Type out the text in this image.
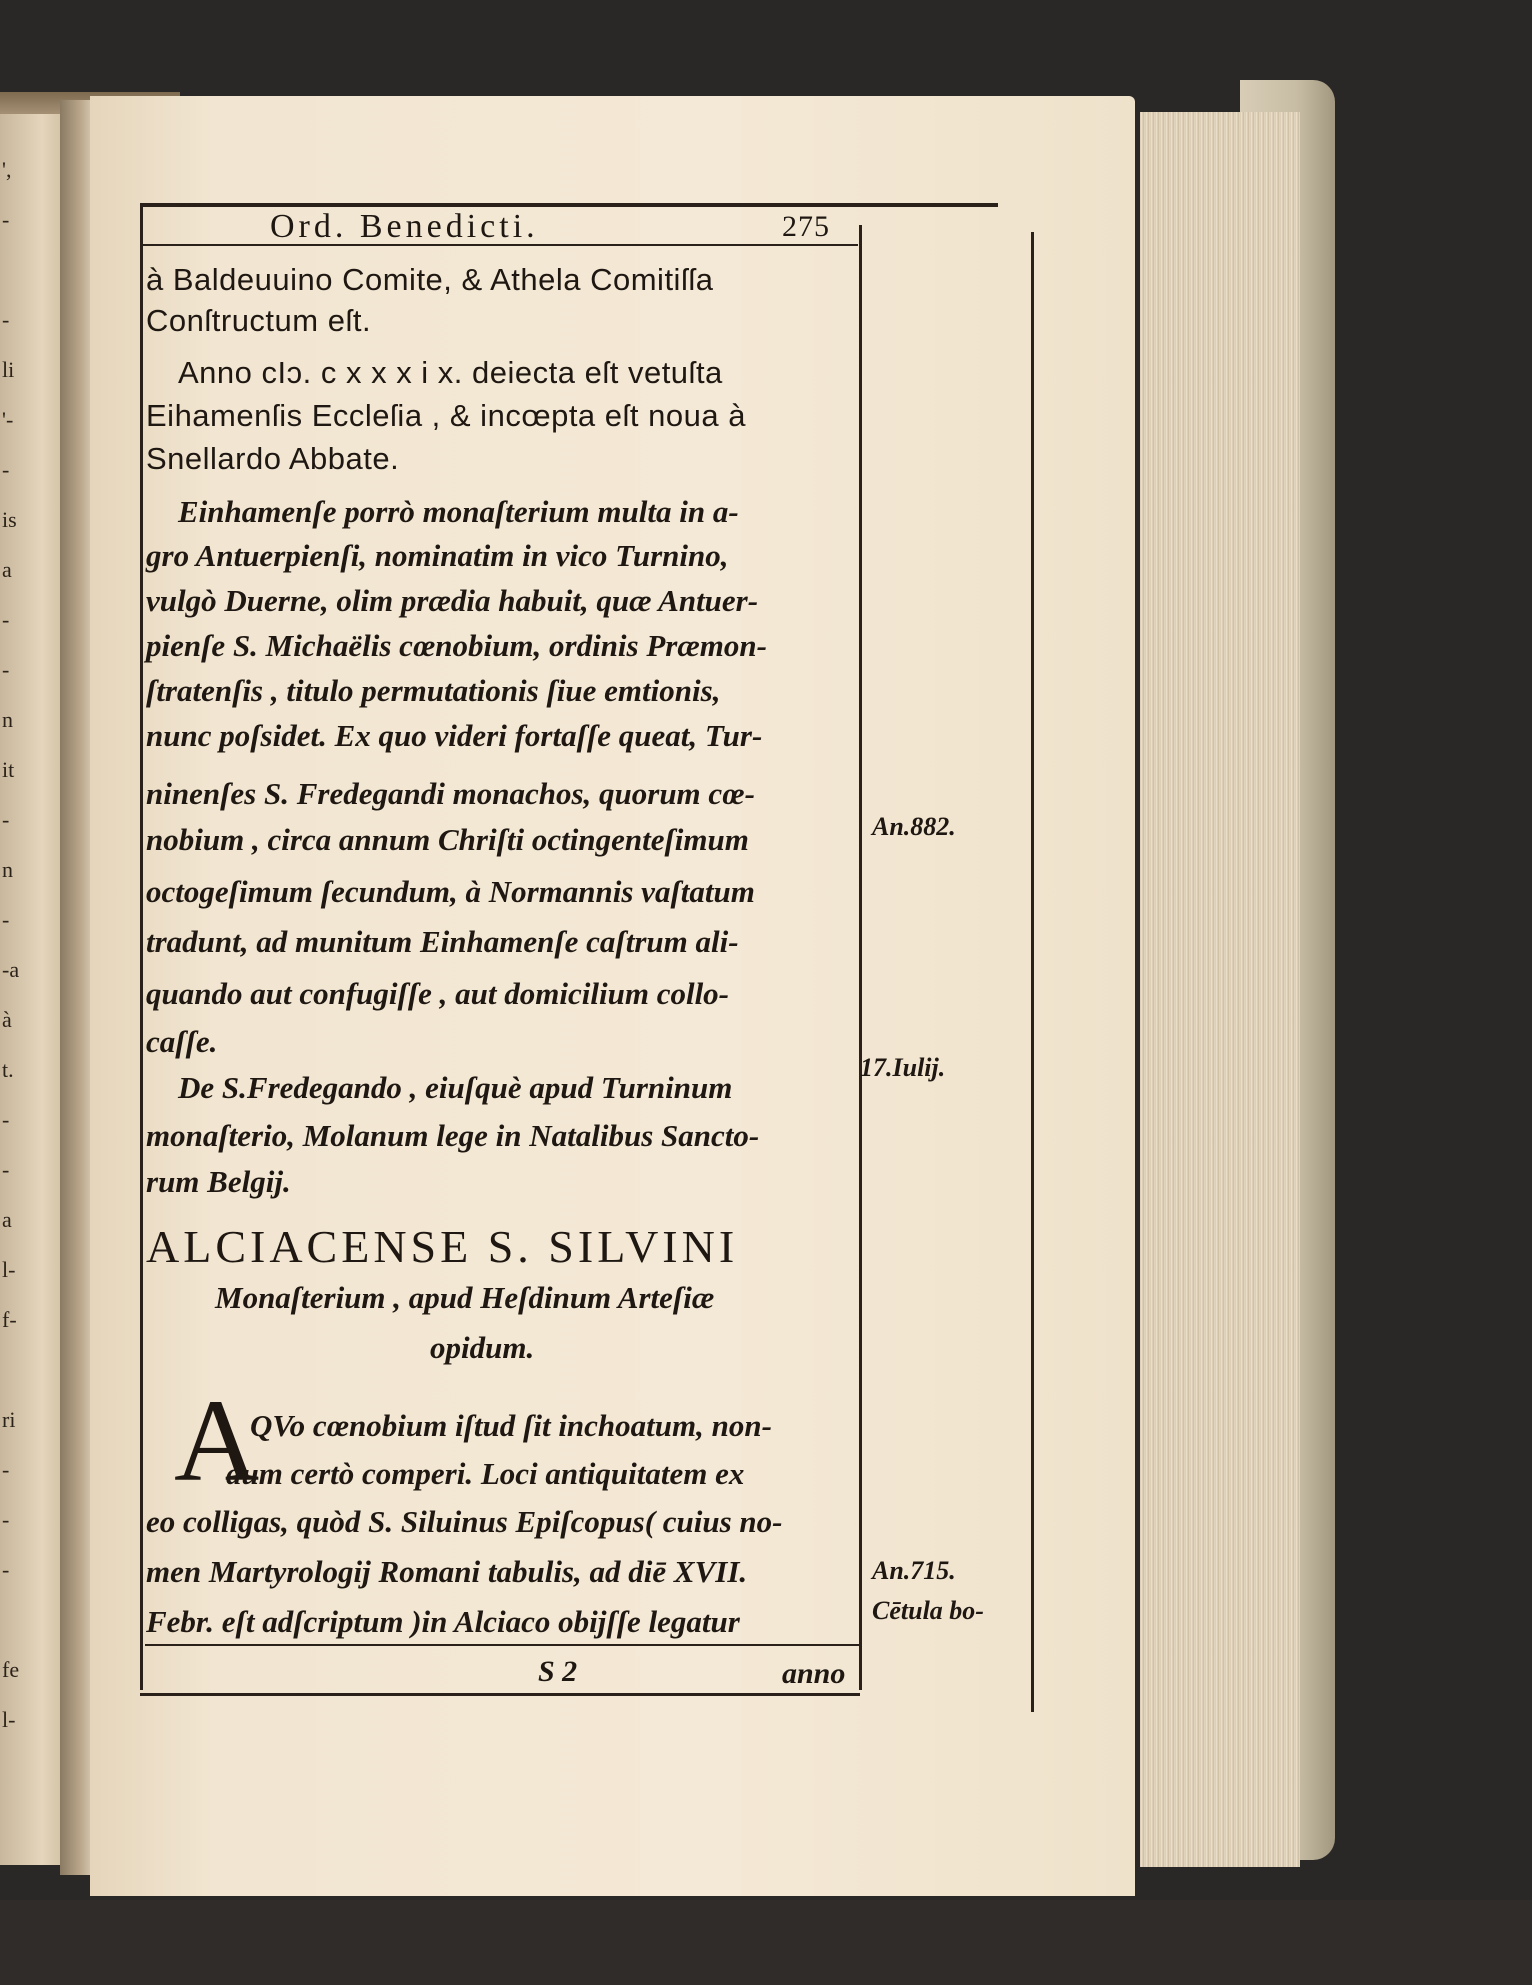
',
-

-
li
'-
-
is
a
-
-
n
it
-
n
-
-a
à
t.
-
-
a
l-
f-

ri
-
-
-

fe
l-
Ord. Benedicti.	275
à Baldeuuino Comite, & Athela Comitiſſa
Conſtructum eſt.
Anno cIↄ. c x x x i x. deiecta eſt vetuſta
Eihamenſis Eccleſia , & incœpta eſt noua à
Snellardo Abbate.
Einhamenſe porrò monaſterium multa in a-
gro Antuerpienſi, nominatim in vico Turnino,
vulgò Duerne, olim prædia habuit, quæ Antuer-
pienſe S. Michaëlis cœnobium, ordinis Præmon-
ſtratenſis , titulo permutationis ſiue emtionis,
nunc poſsidet. Ex quo videri fortaſſe queat, Tur-
ninenſes S. Fredegandi monachos, quorum cœ-
nobium , circa annum Chriſti octingenteſimum
octogeſimum ſecundum, à Normannis vaſtatum
tradunt, ad munitum Einhamenſe caſtrum ali-
quando aut confugiſſe , aut domicilium collo-
caſſe.
De S.Fredegando , eiuſquè apud Turninum
monaſterio, Molanum lege in Natalibus Sancto-
rum Belgij.
ALCIACENSE S. SILVINI
Monaſterium , apud Heſdinum Arteſiæ
opidum.
A
QVo cœnobium iſtud ſit inchoatum, non-
dum certò comperi. Loci antiquitatem ex
eo colligas, quòd S. Siluinus Epiſcopus( cuius no-
men Martyrologij Romani tabulis, ad diē XVII.
Febr. eſt adſcriptum )in Alciaco obijſſe legatur
S 2	anno
An.882.
17.Iulij.
An.715.
Cētula bo-
